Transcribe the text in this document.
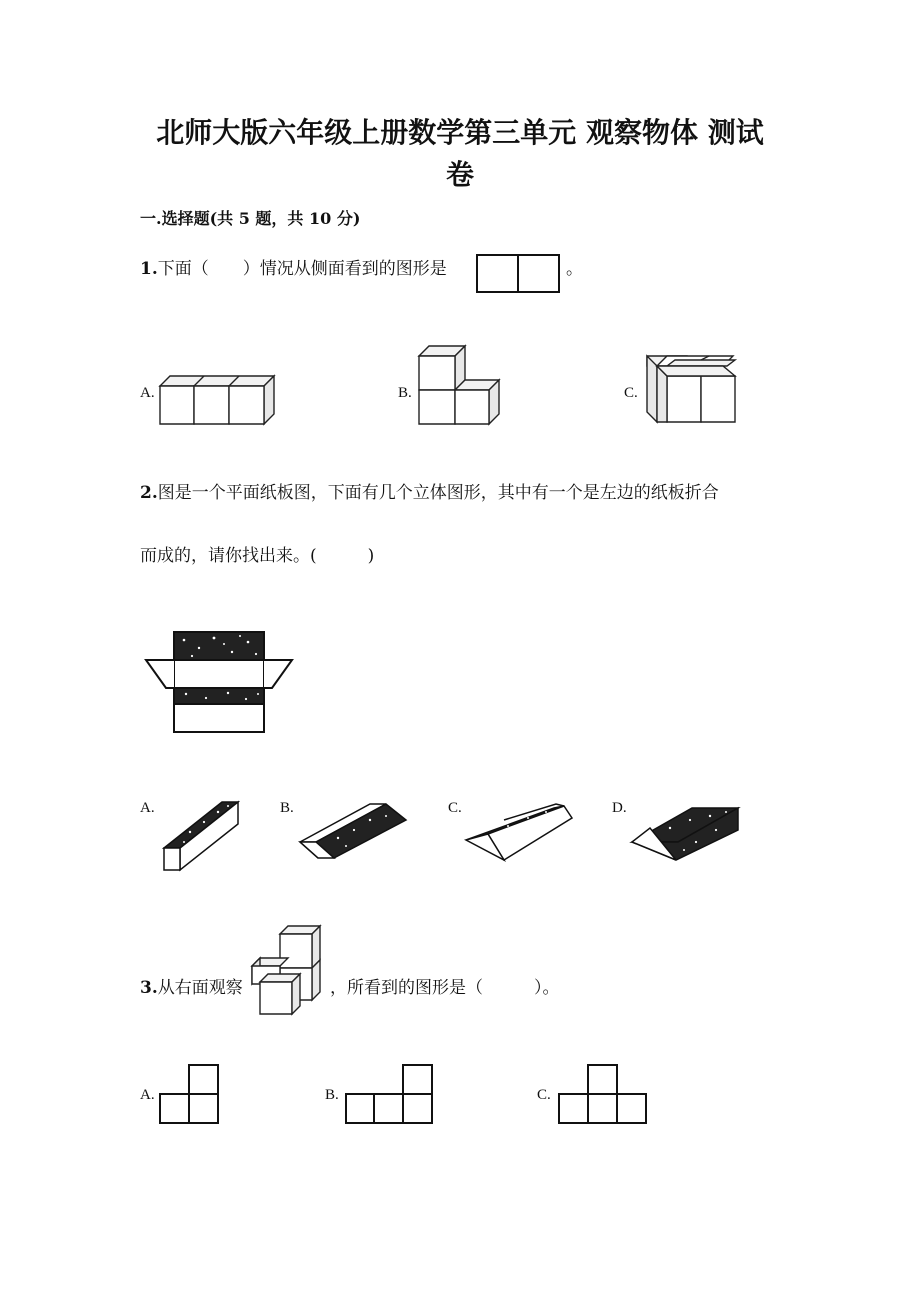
北师大版六年级上册数学第三单元 观察物体 测试
卷
一.选择题(共 5 题，共 10 分)
1.下面（　　）情况从侧面看到的图形是	。
A.	B.	C.
2.图是一个平面纸板图，下面有几个立体图形，其中有一个是左边的纸板折合
而成的，请你找出来。(　　　)
A.	B.	C.	D.
3.从右面观察	，所看到的图形是（　　　）。
A.	B.	C.
